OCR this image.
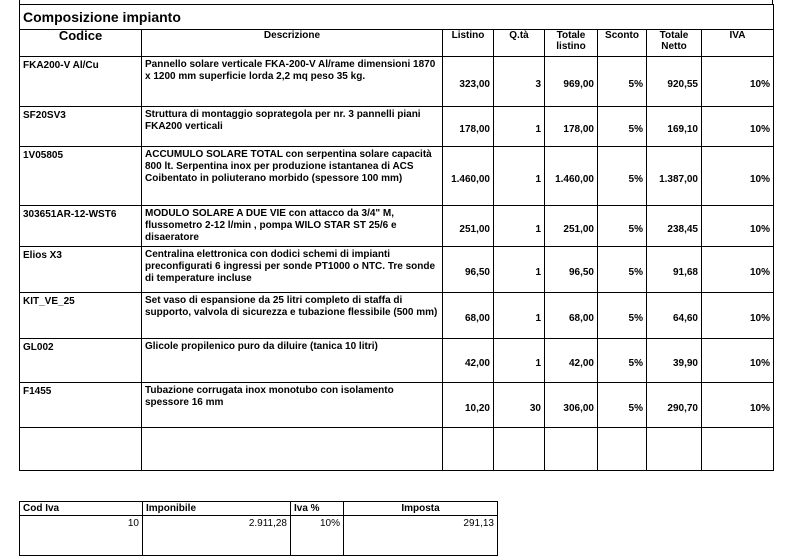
Composizione impianto							
Codice	Descrizione	Listino	Q.tà	Totale listino	Sconto	Totale Netto	IVA
FKA200-V Al/Cu	Pannello solare verticale FKA-200-V Al/rame dimensioni 1870 x 1200 mm superficie lorda 2,2 mq peso 35 kg.	323,00	3	969,00	5%	920,55	10%
SF20SV3	Struttura di montaggio soprategola per nr. 3 pannelli piani FKA200 verticali	178,00	1	178,00	5%	169,10	10%
1V05805	ACCUMULO SOLARE TOTAL con serpentina solare capacità 800 lt. Serpentina inox per produzione istantanea di ACS Coibentato in poliuterano morbido (spessore 100 mm)	1.460,00	1	1.460,00	5%	1.387,00	10%
303651AR-12-WST6	MODULO SOLARE A DUE VIE con attacco da 3/4" M, flussometro 2-12 l/min , pompa WILO STAR ST 25/6 e disaeratore	251,00	1	251,00	5%	238,45	10%
Elios X3	Centralina elettronica con dodici schemi di impianti preconfigurati 6 ingressi per sonde PT1000 o NTC. Tre sonde di temperature incluse	96,50	1	96,50	5%	91,68	10%
KIT_VE_25	Set vaso di espansione da 25 litri completo di staffa di supporto, valvola di sicurezza e tubazione flessibile (500 mm)	68,00	1	68,00	5%	64,60	10%
GL002	Glicole propilenico puro da diluire (tanica 10 litri)	42,00	1	42,00	5%	39,90	10%
F1455	Tubazione corrugata inox monotubo con isolamento spessore 16 mm	10,20	30	306,00	5%	290,70	10%

Cod Iva	Imponibile	Iva %	Imposta
10	2.911,28	10%	291,13
